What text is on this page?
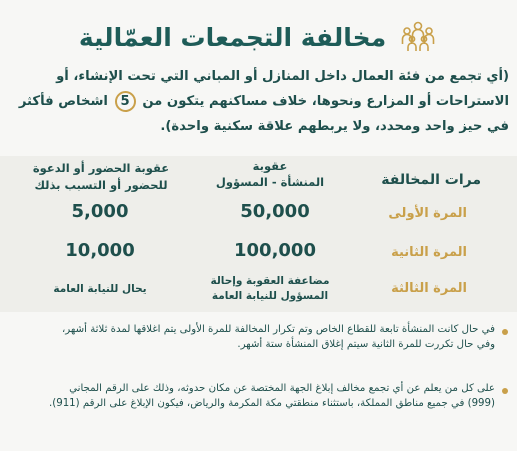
مخالفة التجمعات العمّالية
(أي تجمع من فئة العمال داخل المنازل أو المباني التي تحت الإنشاء، أو الاستراحات أو المزارع ونحوها، خلاف مساكنهم يتكون من 5 اشخاص فأكثر في حيز واحد ومحدد، ولا يربطهم علاقة سكنية واحدة).
مرات المخالفة
عقوبة
المنشأة - المسؤول
عقوبة الحضور أو الدعوة
للحضور أو التسبب بذلك
المرة الأولى
50,000
5,000
المرة الثانية
100,000
10,000
المرة الثالثة
مضاعفة العقوبة وإحالة
المسؤول للنيابة العامة
يحال للنيابة العامة
في حال كانت المنشأة تابعة للقطاع الخاص وتم تكرار المخالفة للمرة الأولى يتم اغلاقها لمدة ثلاثة أشهر،
وفي حال تكررت للمرة الثانية سيتم إغلاق المنشأة ستة أشهر.
على كل من يعلم عن أي تجمع مخالف إبلاغ الجهة المختصة عن مكان حدوثه، وذلك على الرقم المجاني
(999) في جميع مناطق المملكة، باستثناء منطقتي مكة المكرمة والرياض، فيكون الإبلاغ على الرقم (911).
